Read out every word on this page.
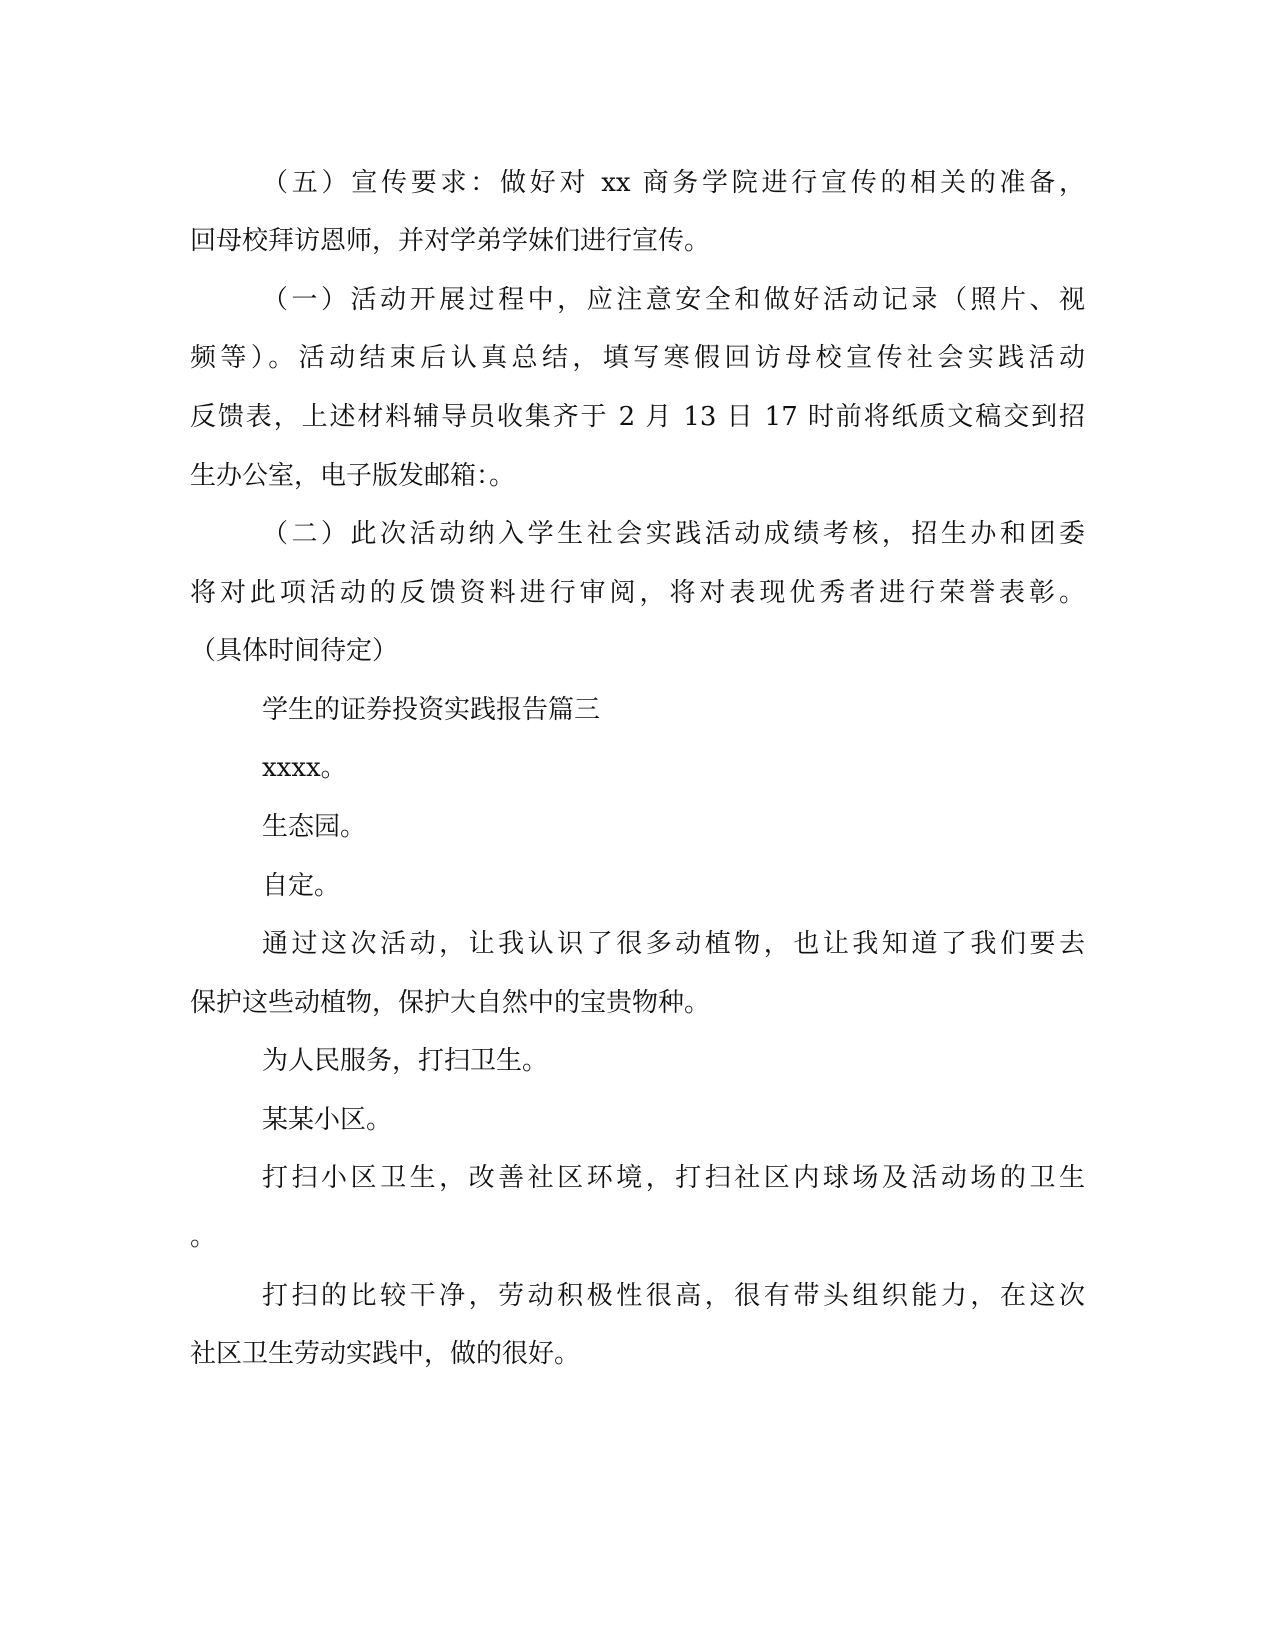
（五）宣传要求：做好对 xx 商务学院进行宣传的相关的准备，

回母校拜访恩师，并对学弟学妹们进行宣传。

（一）活动开展过程中，应注意安全和做好活动记录（照片、视

频等）。活动结束后认真总结，填写寒假回访母校宣传社会实践活动

反馈表，上述材料辅导员收集齐于 2 月 13 日 17 时前将纸质文稿交到招

生办公室，电子版发邮箱：。

（二）此次活动纳入学生社会实践活动成绩考核，招生办和团委

将对此项活动的反馈资料进行审阅，将对表现优秀者进行荣誉表彰。

（具体时间待定）

学生的证券投资实践报告篇三

xxxx。

生态园。

自定。

通过这次活动，让我认识了很多动植物，也让我知道了我们要去

保护这些动植物，保护大自然中的宝贵物种。

为人民服务，打扫卫生。

某某小区。

打扫小区卫生，改善社区环境，打扫社区内球场及活动场的卫生

。

打扫的比较干净，劳动积极性很高，很有带头组织能力，在这次

社区卫生劳动实践中，做的很好。
